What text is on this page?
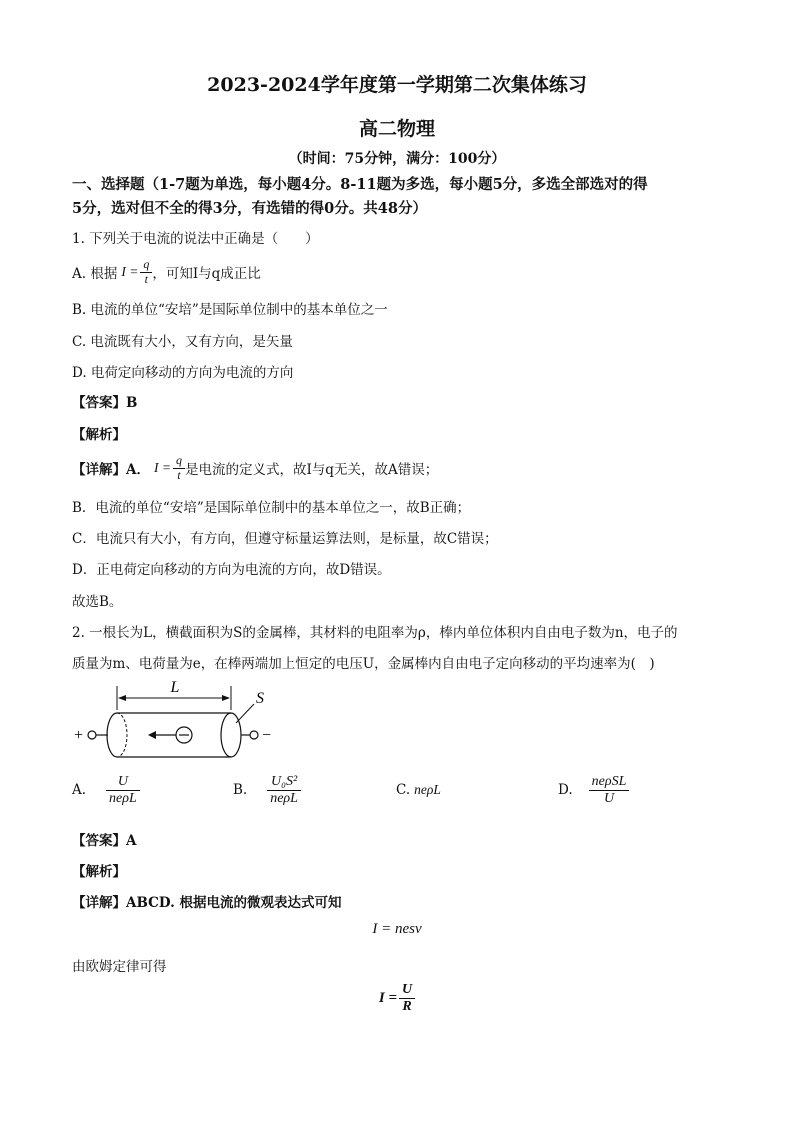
2023-2024学年度第一学期第二次集体练习
高二物理
（时间：75分钟，满分：100分）
一、选择题（1-7题为单选，每小题4分。8-11题为多选，每小题5分，多选全部选对的得
5分，选对但不全的得3分，有选错的得0分。共48分）
1. 下列关于电流的说法中正确是（　　）
A. 根据 $I = \frac{q}{t}$ ，可知I与q成正比
B. 电流的单位“安培”是国际单位制中的基本单位之一
C. 电流既有大小，又有方向，是矢量
D. 电荷定向移动的方向为电流的方向
【答案】B
【解析】
【详解】A． $I = \frac{q}{t}$ 是电流的定义式，故I与q无关，故A错误；
B．电流的单位“安培”是国际单位制中的基本单位之一，故B正确；
C．电流只有大小，有方向，但遵守标量运算法则，是标量，故C错误；
D．正电荷定向移动的方向为电流的方向，故D错误。
故选B。
2. 一根长为L，横截面积为S的金属棒，其材料的电阻率为ρ，棒内单位体积内自由电子数为n，电子的
质量为m、电荷量为e，在棒两端加上恒定的电压U，金属棒内自由电子定向移动的平均速率为(　)
L
+	−
S
A. $\frac{U}{\text{neρL}}$	B. $\frac{\text{U₀S²}}{\text{neρL}}$	C. neρL	D. $\frac{\text{neρSL}}{U}$
【答案】A
【解析】
【详解】ABCD. 根据电流的微观表达式可知
I = nesv
由欧姆定律可得
$I = \frac{U}{R}$
